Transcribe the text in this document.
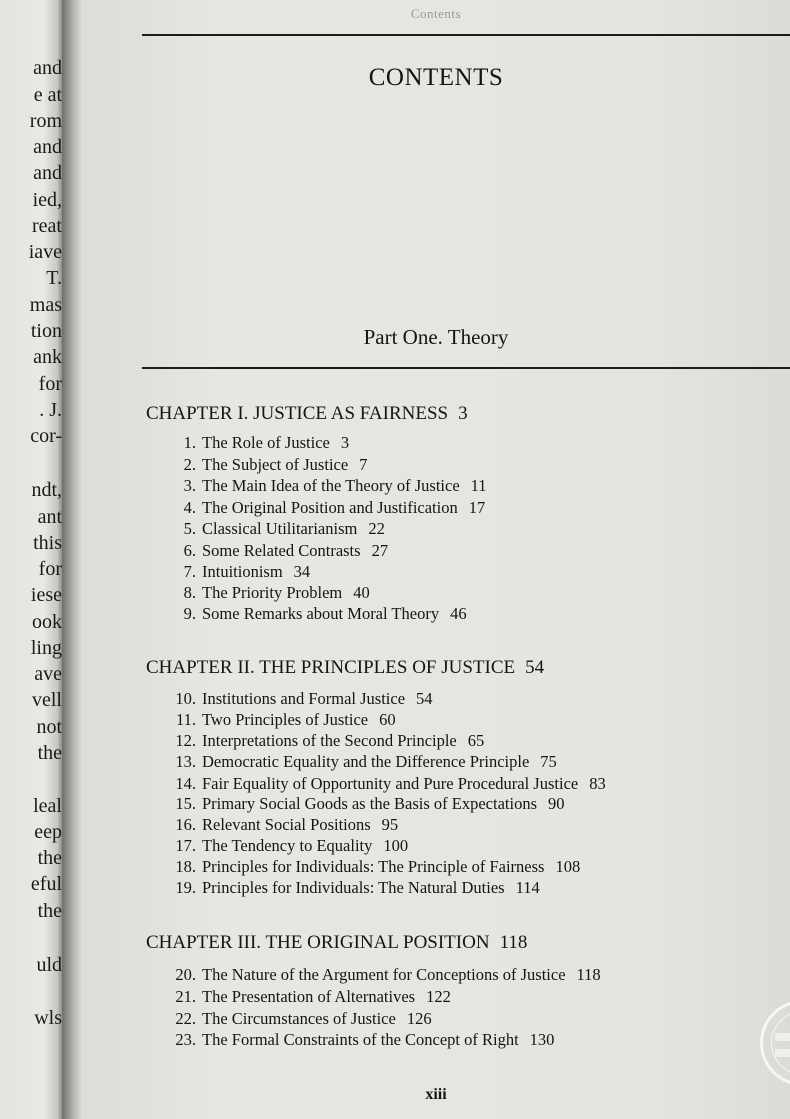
and
e at
rom
and
and
ied,
reat
iave
T.
mas
tion
ank
for
. J.
cor-
ndt,
ant
this
for
iese
ook
ling
ave
vell
not
the
leal
eep
the
eful
the
uld
wls
Contents
CONTENTS
Part One. Theory
CHAPTER I. JUSTICE AS FAIRNESS 3
1. The Role of Justice 3
2. The Subject of Justice 7
3. The Main Idea of the Theory of Justice 11
4. The Original Position and Justification 17
5. Classical Utilitarianism 22
6. Some Related Contrasts 27
7. Intuitionism 34
8. The Priority Problem 40
9. Some Remarks about Moral Theory 46
CHAPTER II. THE PRINCIPLES OF JUSTICE 54
10. Institutions and Formal Justice 54
11. Two Principles of Justice 60
12. Interpretations of the Second Principle 65
13. Democratic Equality and the Difference Principle 75
14. Fair Equality of Opportunity and Pure Procedural Justice 83
15. Primary Social Goods as the Basis of Expectations 90
16. Relevant Social Positions 95
17. The Tendency to Equality 100
18. Principles for Individuals: The Principle of Fairness 108
19. Principles for Individuals: The Natural Duties 114
CHAPTER III. THE ORIGINAL POSITION 118
20. The Nature of the Argument for Conceptions of Justice 118
21. The Presentation of Alternatives 122
22. The Circumstances of Justice 126
23. The Formal Constraints of the Concept of Right 130
xiii
